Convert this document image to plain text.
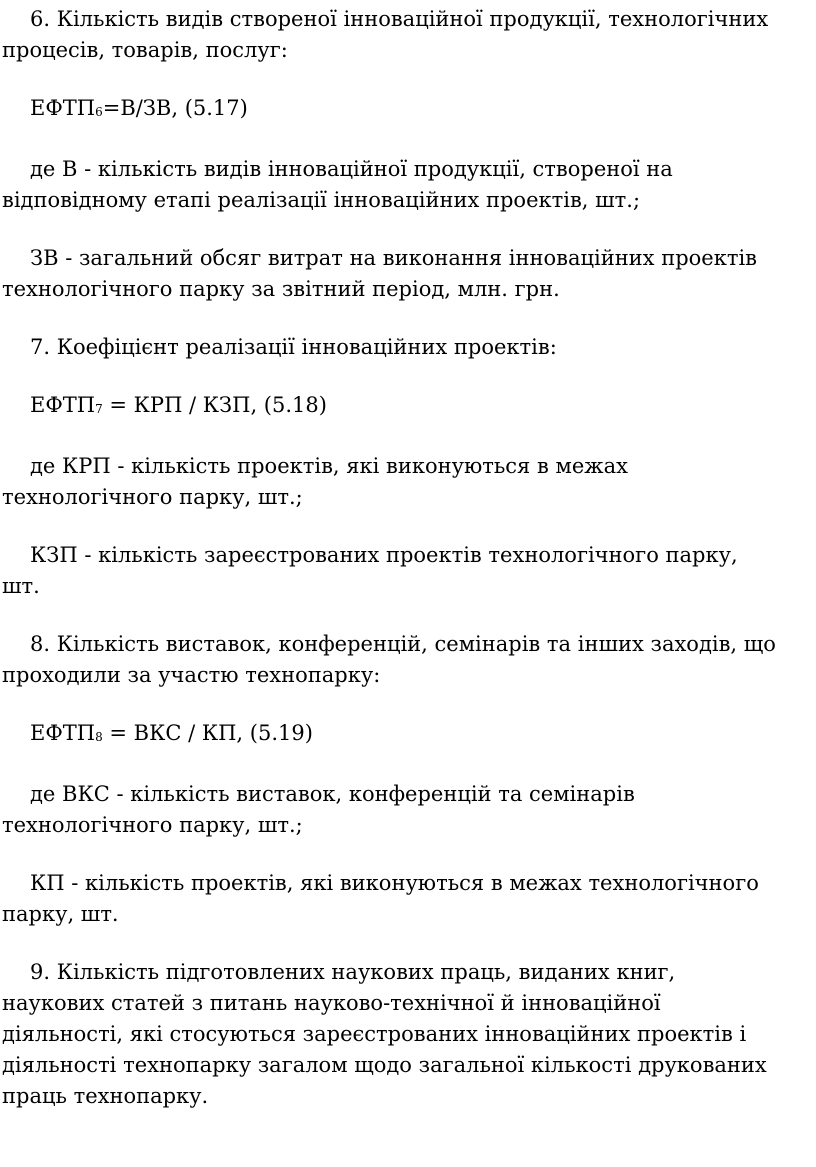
6. Кількість видів створеної інноваційної продукції, технологічних
процесів, товарів, послуг:

ЕФТП6=В/ЗВ, (5.17)

де В - кількість видів інноваційної продукції, створеної на
відповідному етапі реалізації інноваційних проектів, шт.;

ЗВ - загальний обсяг витрат на виконання інноваційних проектів
технологічного парку за звітний період, млн. грн.

7. Коефіцієнт реалізації інноваційних проектів:

ЕФТП7 = КРП / КЗП, (5.18)

де КРП - кількість проектів, які виконуються в межах
технологічного парку, шт.;

КЗП - кількість зареєстрованих проектів технологічного парку,
шт.

8. Кількість виставок, конференцій, семінарів та інших заходів, що
проходили за участю технопарку:

ЕФТП8 = ВКС / КП, (5.19)

де ВКС - кількість виставок, конференцій та семінарів
технологічного парку, шт.;

КП - кількість проектів, які виконуються в межах технологічного
парку, шт.

9. Кількість підготовлених наукових праць, виданих книг,
наукових статей з питань науково-технічної й інноваційної
діяльності, які стосуються зареєстрованих інноваційних проектів і
діяльності технопарку загалом щодо загальної кількості друкованих
праць технопарку.
